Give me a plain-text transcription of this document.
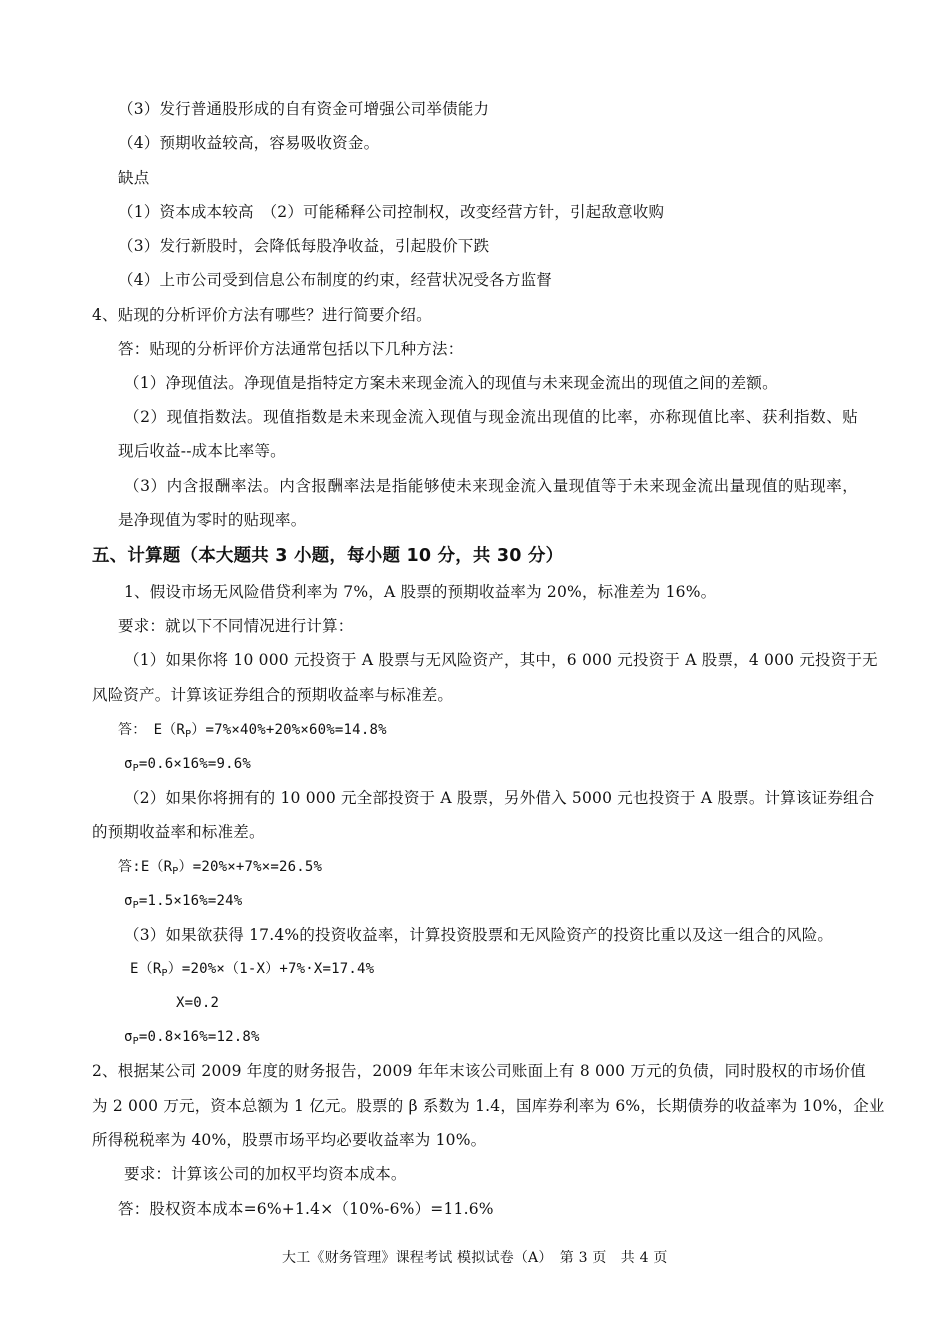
（3）发行普通股形成的自有资金可增强公司举债能力
（4）预期收益较高，容易吸收资金。
缺点
（1）资本成本较高　（2）可能稀释公司控制权，改变经营方针，引起敌意收购
（3）发行新股时，会降低每股净收益，引起股价下跌
（4）上市公司受到信息公布制度的约束，经营状况受各方监督
4、贴现的分析评价方法有哪些？进行简要介绍。
答：贴现的分析评价方法通常包括以下几种方法：
（1）净现值法。净现值是指特定方案未来现金流入的现值与未来现金流出的现值之间的差额。
（2）现值指数法。现值指数是未来现金流入现值与现金流出现值的比率，亦称现值比率、获利指数、贴
现后收益--成本比率等。
（3）内含报酬率法。内含报酬率法是指能够使未来现金流入量现值等于未来现金流出量现值的贴现率，
是净现值为零时的贴现率。
五、计算题（本大题共 3 小题，每小题 10 分，共 30 分）
1、假设市场无风险借贷利率为 7%，A 股票的预期收益率为 20%，标准差为 16%。
要求：就以下不同情况进行计算：
（1）如果你将 10 000 元投资于 A 股票与无风险资产，其中，6 000 元投资于 A 股票，4 000 元投资于无
风险资产。计算该证券组合的预期收益率与标准差。
答：　$E(R_P)=7\%\times 40\%+20\%\times 60\%=14.8\%$
$\sigma_P=0.6\times 16\%=9.6\%$
（2）如果你将拥有的 10 000 元全部投资于 A 股票，另外借入 5000 元也投资于 A 股票。计算该证券组合
的预期收益率和标准差。
答$:E(R_P)=20\%\times+7\%\times=26.5\%$
$\sigma_P=1.5\times 16\%=24\%$
（3）如果欲获得 17.4%的投资收益率，计算投资股票和无风险资产的投资比重以及这一组合的风险。
$E(R_P)=20\%\times(1-X)+7\%\cdot X=17.4\%$
X=0.2
$\sigma_P=0.8\times 16\%=12.8\%$
2、根据某公司 2009 年度的财务报告，2009 年年末该公司账面上有 8 000 万元的负债，同时股权的市场价值
为 2 000 万元，资本总额为 1 亿元。股票的 β 系数为 1.4，国库券利率为 6%，长期债券的收益率为 10%，企业
所得税税率为 40%，股票市场平均必要收益率为 10%。
要求：计算该公司的加权平均资本成本。
答：股权资本成本=6%+1.4×（10%-6%）=11.6%
大工《财务管理》课程考试 模拟试卷（A）　第 3 页　共 4 页
